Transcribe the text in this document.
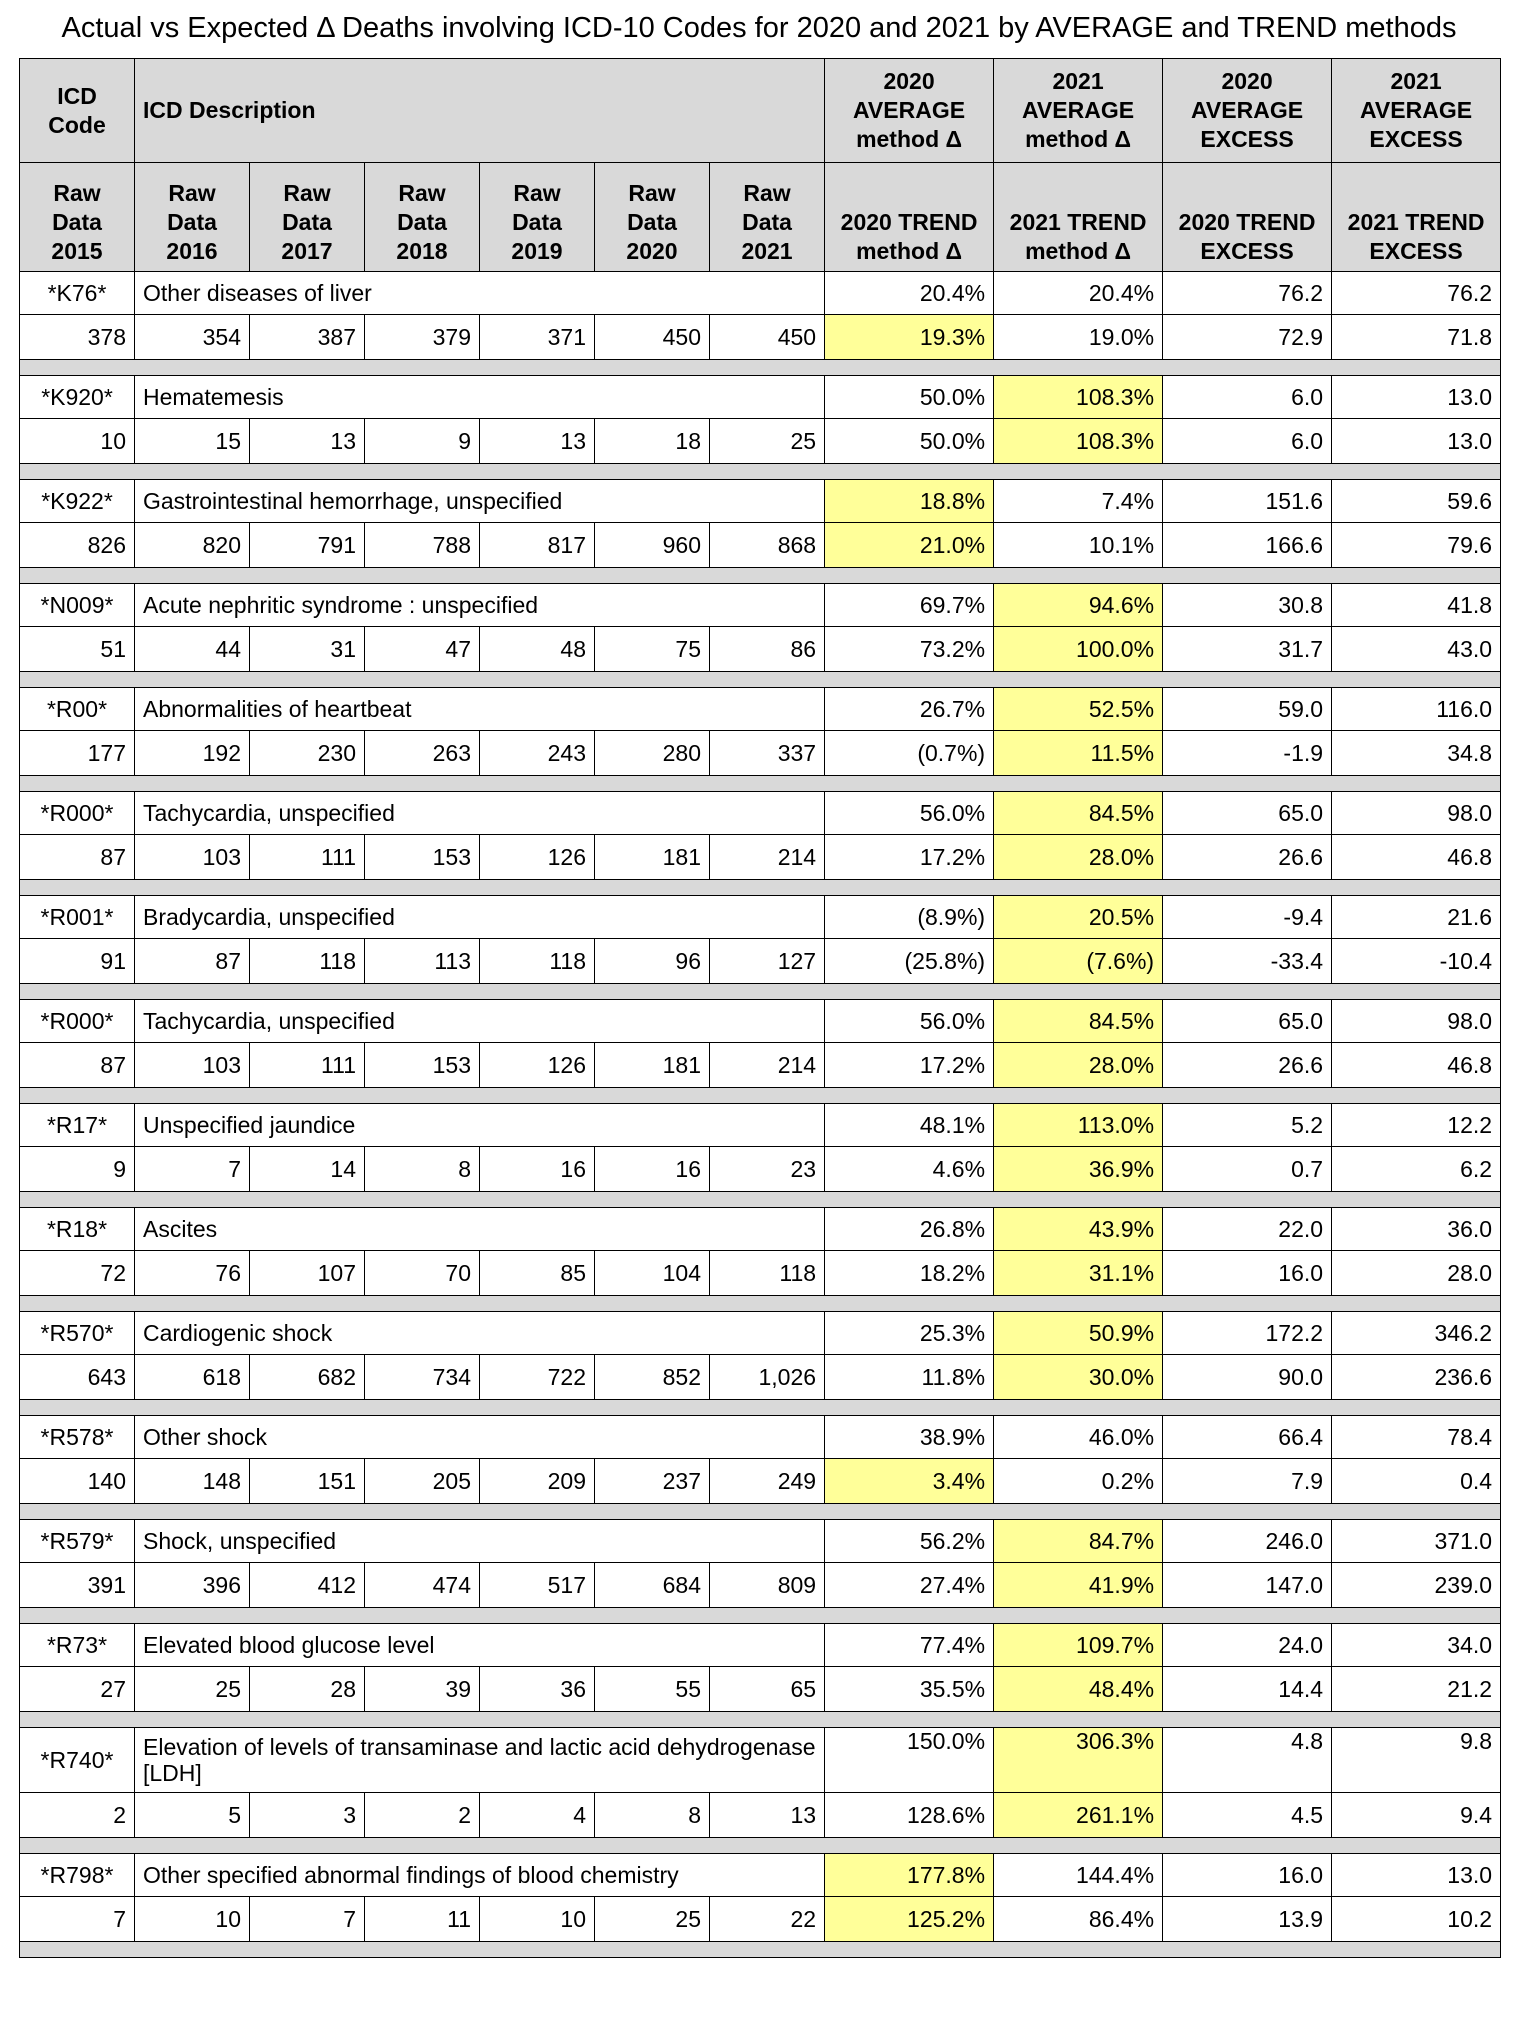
Actual vs Expected Δ Deaths involving ICD-10 Codes for 2020 and 2021 by AVERAGE and TREND methods
ICD Code	ICD Description						2020 AVERAGE method Δ	2021 AVERAGE method Δ	2020 AVERAGE EXCESS	2021 AVERAGE EXCESS
Raw Data 2015	Raw Data 2016	Raw Data 2017	Raw Data 2018	Raw Data 2019	Raw Data 2020	Raw Data 2021	2020 TREND method Δ	2021 TREND method Δ	2020 TREND EXCESS	2021 TREND EXCESS
*K76*	Other diseases of liver						20.4%	20.4%	76.2	76.2
378	354	387	379	371	450	450	19.3%	19.0%	72.9	71.8

*K920*	Hematemesis						50.0%	108.3%	6.0	13.0
10	15	13	9	13	18	25	50.0%	108.3%	6.0	13.0

*K922*	Gastrointestinal hemorrhage, unspecified						18.8%	7.4%	151.6	59.6
826	820	791	788	817	960	868	21.0%	10.1%	166.6	79.6

*N009*	Acute nephritic syndrome : unspecified						69.7%	94.6%	30.8	41.8
51	44	31	47	48	75	86	73.2%	100.0%	31.7	43.0

*R00*	Abnormalities of heartbeat						26.7%	52.5%	59.0	116.0
177	192	230	263	243	280	337	(0.7%)	11.5%	-1.9	34.8

*R000*	Tachycardia, unspecified						56.0%	84.5%	65.0	98.0
87	103	111	153	126	181	214	17.2%	28.0%	26.6	46.8

*R001*	Bradycardia, unspecified						(8.9%)	20.5%	-9.4	21.6
91	87	118	113	118	96	127	(25.8%)	(7.6%)	-33.4	-10.4

*R000*	Tachycardia, unspecified						56.0%	84.5%	65.0	98.0
87	103	111	153	126	181	214	17.2%	28.0%	26.6	46.8

*R17*	Unspecified jaundice						48.1%	113.0%	5.2	12.2
9	7	14	8	16	16	23	4.6%	36.9%	0.7	6.2

*R18*	Ascites						26.8%	43.9%	22.0	36.0
72	76	107	70	85	104	118	18.2%	31.1%	16.0	28.0

*R570*	Cardiogenic shock						25.3%	50.9%	172.2	346.2
643	618	682	734	722	852	1,026	11.8%	30.0%	90.0	236.6

*R578*	Other shock						38.9%	46.0%	66.4	78.4
140	148	151	205	209	237	249	3.4%	0.2%	7.9	0.4

*R579*	Shock, unspecified						56.2%	84.7%	246.0	371.0
391	396	412	474	517	684	809	27.4%	41.9%	147.0	239.0

*R73*	Elevated blood glucose level						77.4%	109.7%	24.0	34.0
27	25	28	39	36	55	65	35.5%	48.4%	14.4	21.2

*R740*	Elevation of levels of transaminase and lactic acid dehydrogenase [LDH]						150.0%	306.3%	4.8	9.8
2	5	3	2	4	8	13	128.6%	261.1%	4.5	9.4

*R798*	Other specified abnormal findings of blood chemistry						177.8%	144.4%	16.0	13.0
7	10	7	11	10	25	22	125.2%	86.4%	13.9	10.2
